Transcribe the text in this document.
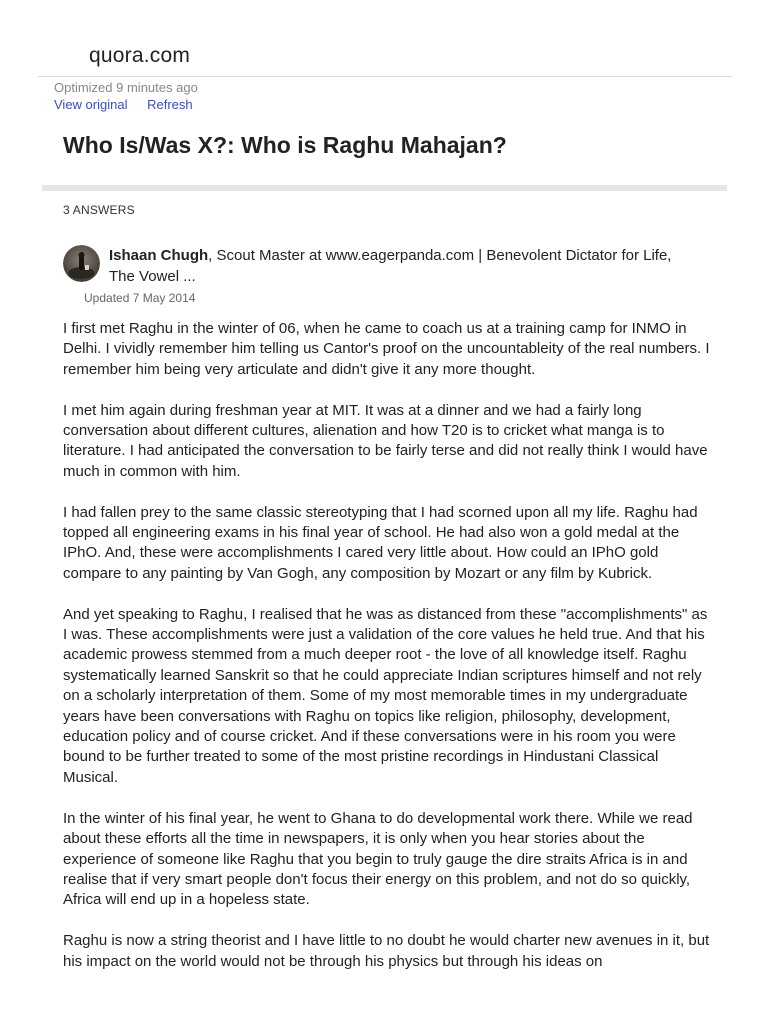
quora.com
Optimized 9 minutes ago
View original Refresh
Who Is/Was X?: Who is Raghu Mahajan?
3 ANSWERS
Ishaan Chugh, Scout Master at www.eagerpanda.com | Benevolent Dictator for Life, The Vowel ...
Updated 7 May 2014

I first met Raghu in the winter of 06, when he came to coach us at a training camp for INMO in Delhi. I vividly remember him telling us Cantor's proof on the uncountableity of the real numbers. I remember him being very articulate and didn't give it any more thought.

I met him again during freshman year at MIT. It was at a dinner and we had a fairly long conversation about different cultures, alienation and how T20 is to cricket what manga is to literature. I had anticipated the conversation to be fairly terse and did not really think I would have much in common with him.

I had fallen prey to the same classic stereotyping that I had scorned upon all my life. Raghu had topped all engineering exams in his final year of school. He had also won a gold medal at the IPhO. And, these were accomplishments I cared very little about. How could an IPhO gold compare to any painting by Van Gogh, any composition by Mozart or any film by Kubrick.

And yet speaking to Raghu, I realised that he was as distanced from these "accomplishments" as I was. These accomplishments were just a validation of the core values he held true. And that his academic prowess stemmed from a much deeper root - the love of all knowledge itself. Raghu systematically learned Sanskrit so that he could appreciate Indian scriptures himself and not rely on a scholarly interpretation of them. Some of my most memorable times in my undergraduate years have been conversations with Raghu on topics like religion, philosophy, development, education policy and of course cricket. And if these conversations were in his room you were bound to be further treated to some of the most pristine recordings in Hindustani Classical Musical.

In the winter of his final year, he went to Ghana to do developmental work there. While we read about these efforts all the time in newspapers, it is only when you hear stories about the experience of someone like Raghu that you begin to truly gauge the dire straits Africa is in and realise that if very smart people don't focus their energy on this problem, and not do so quickly, Africa will end up in a hopeless state.

Raghu is now a string theorist and I have little to no doubt he would charter new avenues in it, but his impact on the world would not be through his physics but through his ideas on
